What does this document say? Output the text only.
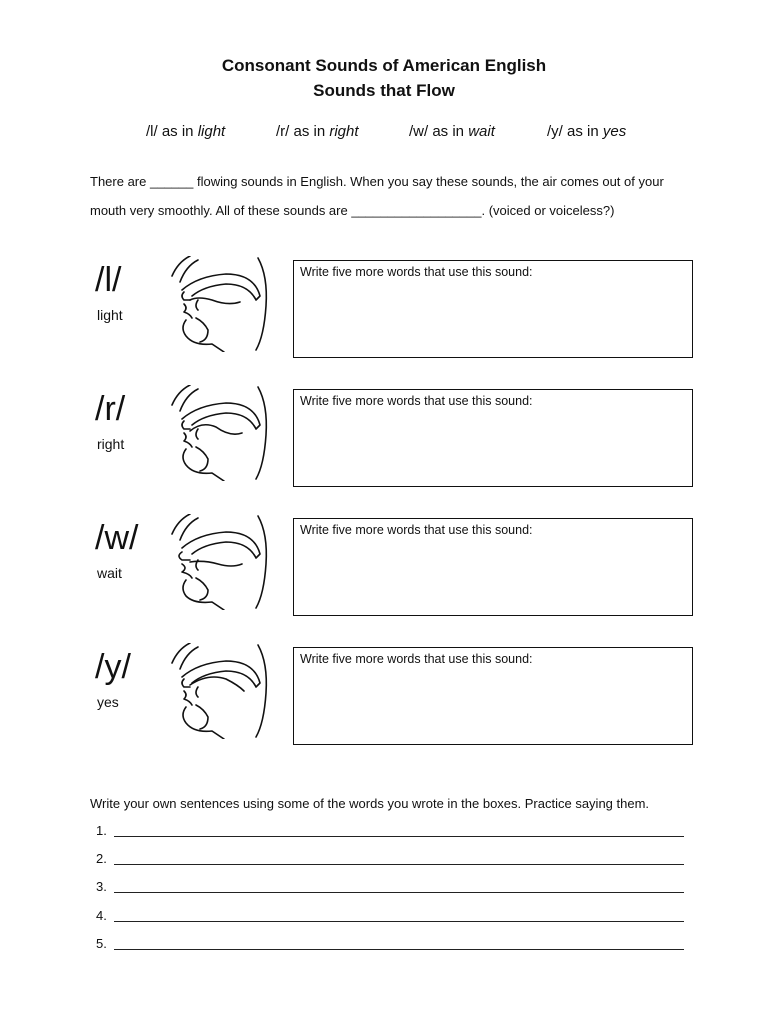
Consonant Sounds of American English
Sounds that Flow
/l/ as in light	/r/ as in right	/w/ as in wait	/y/ as in yes
There are ______ flowing sounds in English. When you say these sounds, the air comes out of your
mouth very smoothly. All of these sounds are __________________. (voiced or voiceless?)
/l/
light
Write five more words that use this sound:
/r/
right
Write five more words that use this sound:
/w/
wait
Write five more words that use this sound:
/y/
yes
Write five more words that use this sound:
Write your own sentences using some of the words you wrote in the boxes. Practice saying them.
1.
2.
3.
4.
5.
